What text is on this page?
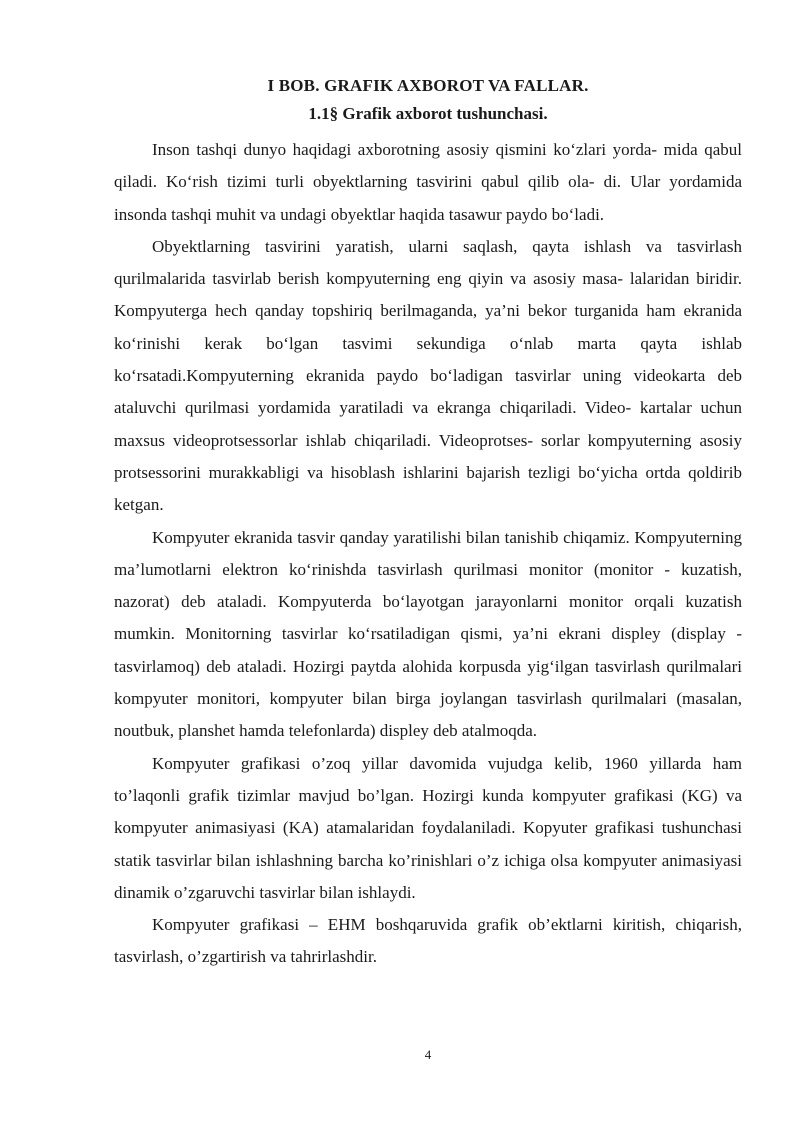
I BOB. GRAFIK AXBOROT VA FALLAR.
1.1§ Grafik axborot tushunchasi.

Inson tashqi dunyo haqidagi axborotning asosiy qismini ko‘zlari yorda- mida qabul qiladi. Ko‘rish tizimi turli obyektlarning tasvirini qabul qilib ola- di. Ular yordamida insonda tashqi muhit va undagi obyektlar haqida tasawur paydo bo‘ladi.

Obyektlarning tasvirini yaratish, ularni saqlash, qayta ishlash va tasvirlash qurilmalarida tasvirlab berish kompyuterning eng qiyin va asosiy masa- lalaridan biridir. Kompyuterga hech qanday topshiriq berilmaganda, ya’ni bekor turganida ham ekranida ko‘rinishi kerak bo‘lgan tasvimi sekundiga o‘nlab marta qayta ishlab ko‘rsatadi.Kompyuterning ekranida paydo bo‘ladigan tasvirlar uning videokarta deb ataluvchi qurilmasi yordamida yaratiladi va ekranga chiqariladi. Video- kartalar uchun maxsus videoprotsessorlar ishlab chiqariladi. Videoprotses- sorlar kompyuterning asosiy protsessorini murakkabligi va hisoblash ishlarini bajarish tezligi bo‘yicha ortda qoldirib ketgan.

Kompyuter ekranida tasvir qanday yaratilishi bilan tanishib chiqamiz. Kompyuterning ma’lumotlarni elektron ko‘rinishda tasvirlash qurilmasi monitor (monitor - kuzatish, nazorat) deb ataladi. Kompyuterda bo‘layotgan jarayonlarni monitor orqali kuzatish mumkin. Monitorning tasvirlar ko‘rsatiladigan qismi, ya’ni ekrani displey (display - tasvirlamoq) deb ataladi. Hozirgi paytda alohida korpusda yig‘ilgan tasvirlash qurilmalari kompyuter monitori, kompyuter bilan birga joylangan tasvirlash qurilmalari (masalan, noutbuk, planshet hamda telefonlarda) displey deb atalmoqda.

Kompyuter grafikasi o’zoq yillar davomida vujudga kelib, 1960 yillarda ham to’laqonli grafik tizimlar mavjud bo’lgan. Hozirgi kunda kompyuter grafikasi (KG) va kompyuter animasiyasi (KA) atamalaridan foydalaniladi. Kopyuter grafikasi tushunchasi statik tasvirlar bilan ishlashning barcha ko’rinishlari o’z ichiga olsa kompyuter animasiyasi dinamik o’zgaruvchi tasvirlar bilan ishlaydi.

Kompyuter grafikasi – EHM boshqaruvida grafik ob’ektlarni kiritish, chiqarish, tasvirlash, o’zgartirish va tahrirlashdir.

4
